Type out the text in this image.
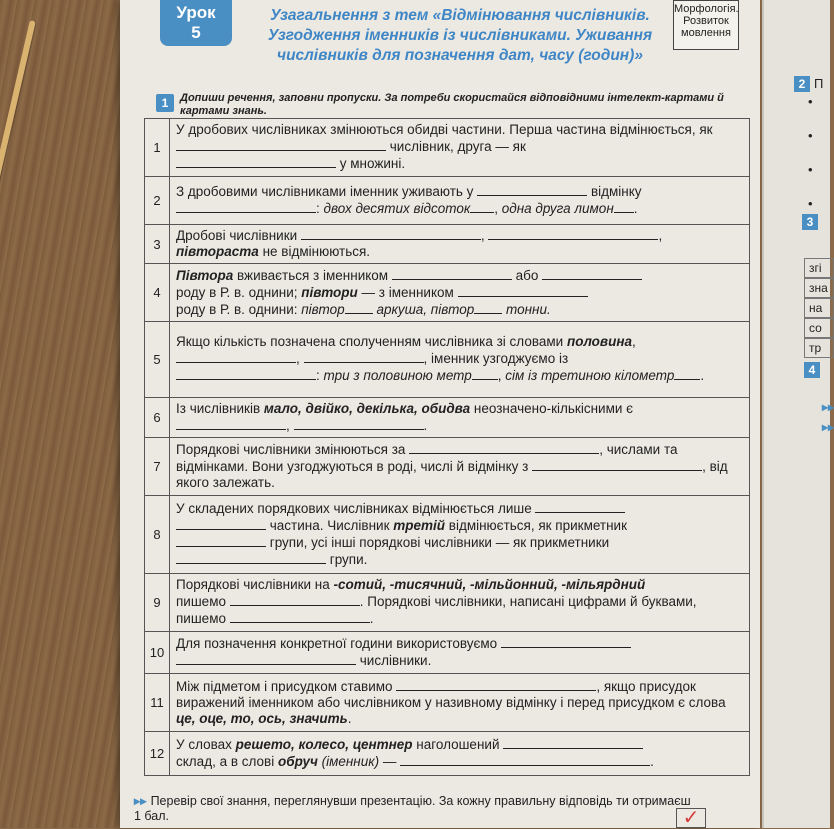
Урок
5
Узагальнення з тем «Відмінювання числівників. Узгодження іменників із числівниками. Уживання числівників для позначення дат, часу (годин)»
Морфологія.
Розвиток
мовлення
1	Допиши речення, заповни пропуски. За потреби скористайся відповідними інтелект-картами й картами знань.
1	У дробових числівниках змінюються обидві частини. Перша частина відмінюється, як  числівник, друга — як
у множині.
2	З дробовими числівниками іменник уживають у відмінку
: двох десятих відсоток , одна друга лимон .
3	Дробові числівники , ,
півтораста не відмінюються.
4	Півтора вживається з іменником або
роду в Р. в. однини; півтори — з іменником
роду в Р. в. однини: півтор аркуша, півтор тонни.
5	Якщо кількість позначена сполученням числівника зі словами половина, , , іменник узгоджуємо із
: три з половиною метр , сім із третиною кілометр .
6	Із числівників мало, двійко, декілька, обидва неозначено-кількісними є , .
7	Порядкові числівники змінюються за , числами та відмінками. Вони узгоджуються в роді, числі й відмінку з , від якого залежать.
8	У складених порядкових числівниках відмінюється лише
частина. Числівник третій відмінюється, як прикметник
групи, усі інші порядкові числівники — як прикметники
групи.
9	Порядкові числівники на -сотий, -тисячний, -мільйонний, -мільярдний
пишемо . Порядкові числівники, написані цифрами й буквами, пишемо .
10	Для позначення конкретної години використовуємо
числівники.
11	Між підметом і присудком ставимо , якщо присудок виражений іменником або числівником у називному відмінку і перед присудком є слова це, оце, то, ось, значить.
12	У словах решето, колесо, центнер наголошений
склад, а в слові обруч (іменник) — .
▸▸ Перевір свої знання, переглянувши презентацію. За кожну правильну відповідь ти отримаєш 1 бал.	✓
2 П
•
•
•
•
3
згі
зна
на
со
тр
4
▸▸
▸▸
